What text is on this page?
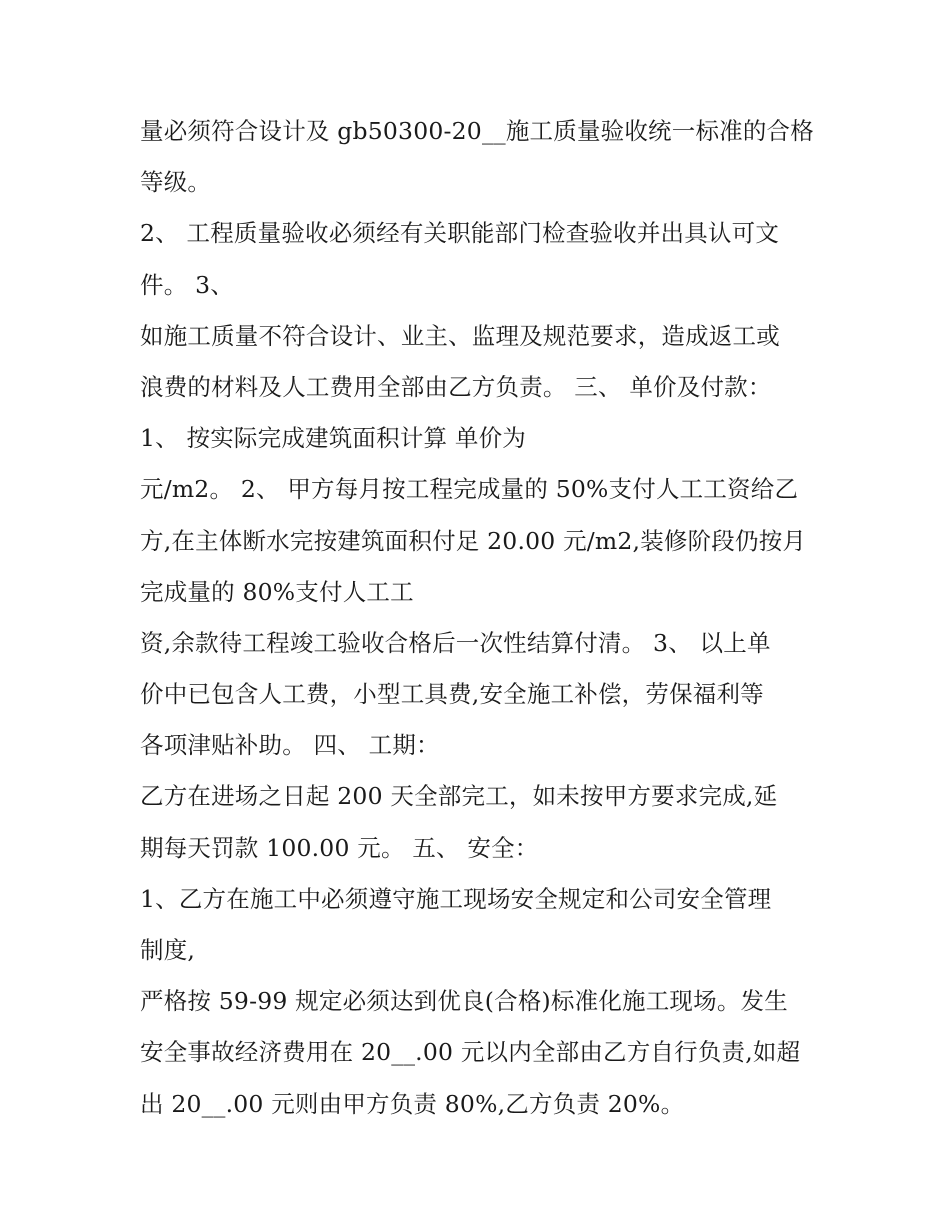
量必须符合设计及 gb50300-20__施工质量验收统一标准的合格
等级。
2、 工程质量验收必须经有关职能部门检查验收并出具认可文
件。 3、
如施工质量不符合设计、业主、监理及规范要求，造成返工或
浪费的材料及人工费用全部由乙方负责。 三、 单价及付款：
1、 按实际完成建筑面积计算 单价为
元/m2。 2、 甲方每月按工程完成量的 50%支付人工工资给乙
方,在主体断水完按建筑面积付足 20.00 元/m2,装修阶段仍按月
完成量的 80%支付人工工
资,余款待工程竣工验收合格后一次性结算付清。 3、 以上单
价中已包含人工费，小型工具费,安全施工补偿，劳保福利等
各项津贴补助。 四、 工期：
乙方在进场之日起 200 天全部完工，如未按甲方要求完成,延
期每天罚款 100.00 元。 五、 安全：
1、乙方在施工中必须遵守施工现场安全规定和公司安全管理
制度,
严格按 59-99 规定必须达到优良(合格)标准化施工现场。发生
安全事故经济费用在 20__.00 元以内全部由乙方自行负责,如超
出 20__.00 元则由甲方负责 80%,乙方负责 20%。
